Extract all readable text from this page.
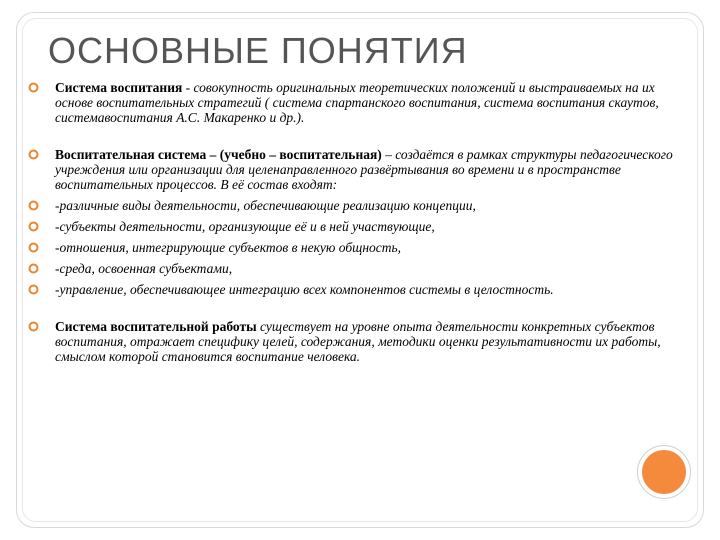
ОСНОВНЫЕ ПОНЯТИЯ
Система воспитания - совокупность оригинальных теоретических положений и выстраиваемых на их основе воспитательных стратегий ( система спартанского воспитания, система воспитания скаутов, системавоспитания А.С. Макаренко и др.).
Воспитательная система – (учебно – воспитательная) – создаётся в рамках структуры педагогического учреждения или организации для целенаправленного развёртывания во времени и в пространстве воспитательных процессов. В её состав входят:
-различные виды деятельности, обеспечивающие реализацию концепции,
-субъекты деятельности, организующие её и в ней участвующие,
-отношения, интегрирующие субъектов в некую общность,
-среда, освоенная субъектами,
-управление, обеспечивающее интеграцию всех компонентов системы в целостность.
Система воспитательной работы существует на уровне опыта деятельности конкретных субъектов воспитания, отражает специфику целей, содержания, методики оценки результативности их работы, смыслом которой становится воспитание человека.
